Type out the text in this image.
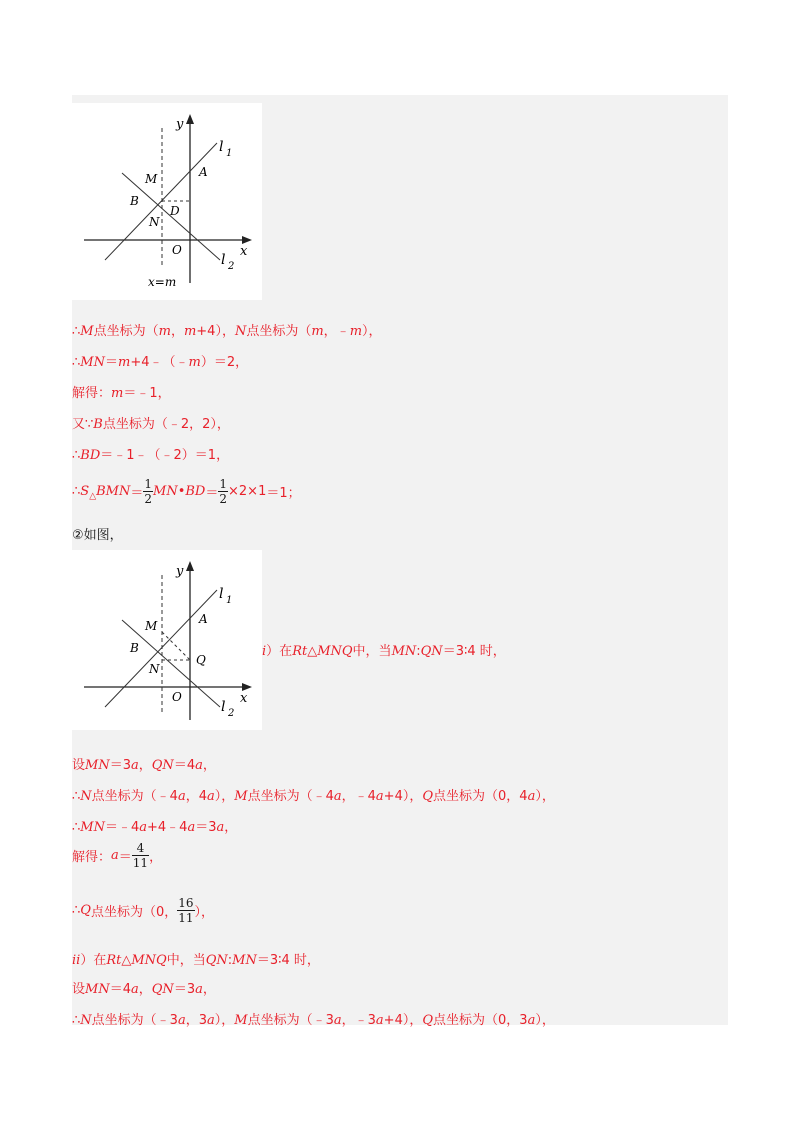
y
x
l 1
l 2
A
M
B
D
N
O
x=m
∴M点坐标为（m，m+4），N点坐标为（m，﹣m），
∴MN＝m+4﹣（﹣m）＝2，
解得：m＝﹣1，
又∵B点坐标为（﹣2，2），
∴BD＝﹣1﹣（﹣2）＝1，
$\therefore S_\triangle BMN= \frac{1}{2}$ MN•BD＝ $\frac{1}{2} \times 2\times 1=1$；
②如图，
y
x
l 1
l 2
A
M
B
Q
N
O
i）在Rt△MNQ中，当MN:QN＝3∶4 时，
设MN＝3a，QN＝4a，
∴N点坐标为（﹣4a，4a），M点坐标为（﹣4a，﹣4a+4），Q点坐标为（0，4a），
∴MN＝﹣4a+4﹣4a＝3a，
解得：$a= \frac{4}{11}$ ，
∴Q点坐标为（0， $\frac{16}{11}$ ），
ii）在Rt△MNQ中，当QN:MN＝3∶4 时，
设MN＝4a，QN＝3a，
∴N点坐标为（﹣3a，3a），M点坐标为（﹣3a，﹣3a+4），Q点坐标为（0，3a），
